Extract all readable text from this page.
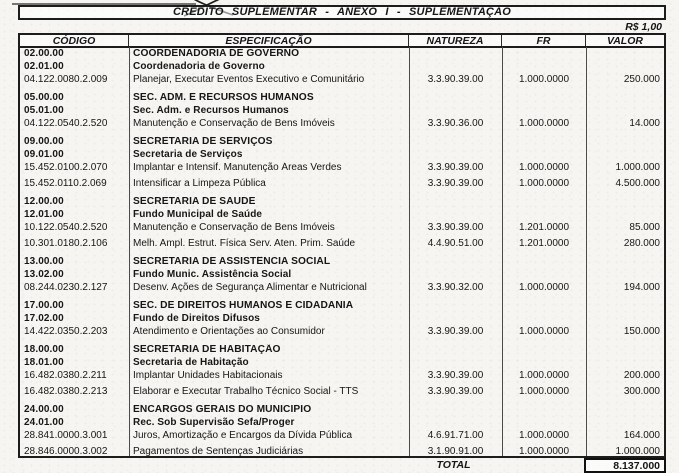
CRÉDITO SUPLEMENTAR - ANEXO I - SUPLEMENTAÇÃO
R$ 1,00
CÓDIGO	ESPECIFICAÇÃO	NATUREZA	FR	VALOR
02.00.00	COORDENADORIA DE GOVERNO
02.01.00	Coordenadoria de Governo
04.122.0080.2.009	Planejar, Executar Eventos Executivo e Comunitário	3.3.90.39.00	1.000.0000	250.000
05.00.00	SEC. ADM. E RECURSOS HUMANOS
05.01.00	Sec. Adm. e Recursos Humanos
04.122.0540.2.520	Manutenção e Conservação de Bens Imóveis	3.3.90.36.00	1.000.0000	14.000
09.00.00	SECRETARIA DE SERVIÇOS
09.01.00	Secretaria de Serviços
15.452.0100.2.070	Implantar e Intensif. Manutenção Áreas Verdes	3.3.90.39.00	1.000.0000	1.000.000
15.452.0110.2.069	Intensificar a Limpeza Pública	3.3.90.39.00	1.000.0000	4.500.000
12.00.00	SECRETARIA DE SAUDE
12.01.00	Fundo Municipal de Saúde
10.122.0540.2.520	Manutenção e Conservação de Bens Imóveis	3.3.90.39.00	1.201.0000	85.000
10.301.0180.2.106	Melh. Ampl. Estrut. Física Serv. Aten. Prim. Saúde	4.4.90.51.00	1.201.0000	280.000
13.00.00	SECRETARIA DE ASSISTÊNCIA SOCIAL
13.02.00	Fundo Munic. Assistência Social
08.244.0230.2.127	Desenv. Ações de Segurança Alimentar e Nutricional	3.3.90.32.00	1.000.0000	194.000
17.00.00	SEC. DE DIREITOS HUMANOS E CIDADANIA
17.02.00	Fundo de Direitos Difusos
14.422.0350.2.203	Atendimento e Orientações ao Consumidor	3.3.90.39.00	1.000.0000	150.000
18.00.00	SECRETARIA DE HABITAÇÃO
18.01.00	Secretaria de Habitação
16.482.0380.2.211	Implantar Unidades Habitacionais	3.3.90.39.00	1.000.0000	200.000
16.482.0380.2.213	Elaborar e Executar Trabalho Técnico Social - TTS	3.3.90.39.00	1.000.0000	300.000
24.00.00	ENCARGOS GERAIS DO MUNICIPIO
24.01.00	Rec. Sob Supervisão Sefa/Proger
28.841.0000.3.001	Juros, Amortização e Encargos da Dívida Pública	4.6.91.71.00	1.000.0000	164.000
28.846.0000.3.002	Pagamentos de Sentenças Judiciárias	3.1.90.91.00	1.000.0000	1.000.000
TOTAL	8.137.000
